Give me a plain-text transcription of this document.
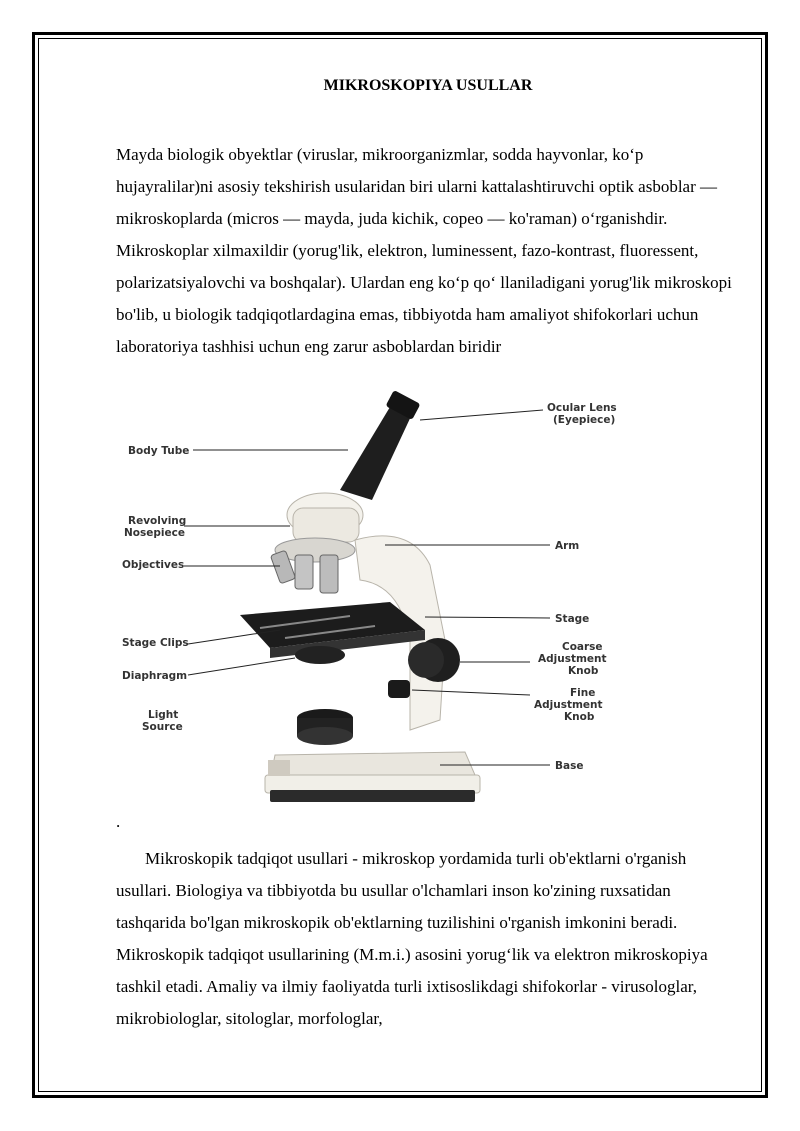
MIKROSKOPIYA USULLAR

Mayda biologik obyektlar (viruslar, mikroorganizmlar, sodda hayvonlar, ko‘p hujayralilar)ni asosiy tekshirish usularidan biri ularni kattalashtiruvchi optik asboblar — mikroskoplarda (micros — mayda, juda kichik, copeo — ko'raman) o‘rganishdir. Mikroskoplar xilmaxildir (yorug'lik, elektron, luminessent, fazo-kontrast, fluoressent, polarizatsiyalovchi va boshqalar). Ulardan eng ko‘p qo‘ llaniladigani yorug'lik mikroskopi bo'lib, u biologik tadqiqotlardagina emas, tibbiyotda ham amaliyot shifokorlari uchun laboratoriya tashhisi uchun eng zarur asboblardan biridir

Body Tube
Revolving
Nosepiece
Objectives
Stage Clips
Diaphragm
Light
Source
Ocular Lens
(Eyepiece)
Arm
Stage
Coarse
Adjustment
Knob
Fine
Adjustment
Knob
Base
.

Mikroskopik tadqiqot usullari - mikroskop yordamida turli ob'ektlarni o'rganish usullari. Biologiya va tibbiyotda bu usullar o'lchamlari inson ko'zining ruxsatidan tashqarida bo'lgan mikroskopik ob'ektlarning tuzilishini o'rganish imkonini beradi. Mikroskopik tadqiqot usullarining (M.m.i.) asosini yorug‘lik va elektron mikroskopiya tashkil etadi. Amaliy va ilmiy faoliyatda turli ixtisoslikdagi shifokorlar - virusologlar, mikrobiologlar, sitologlar, morfologlar,
